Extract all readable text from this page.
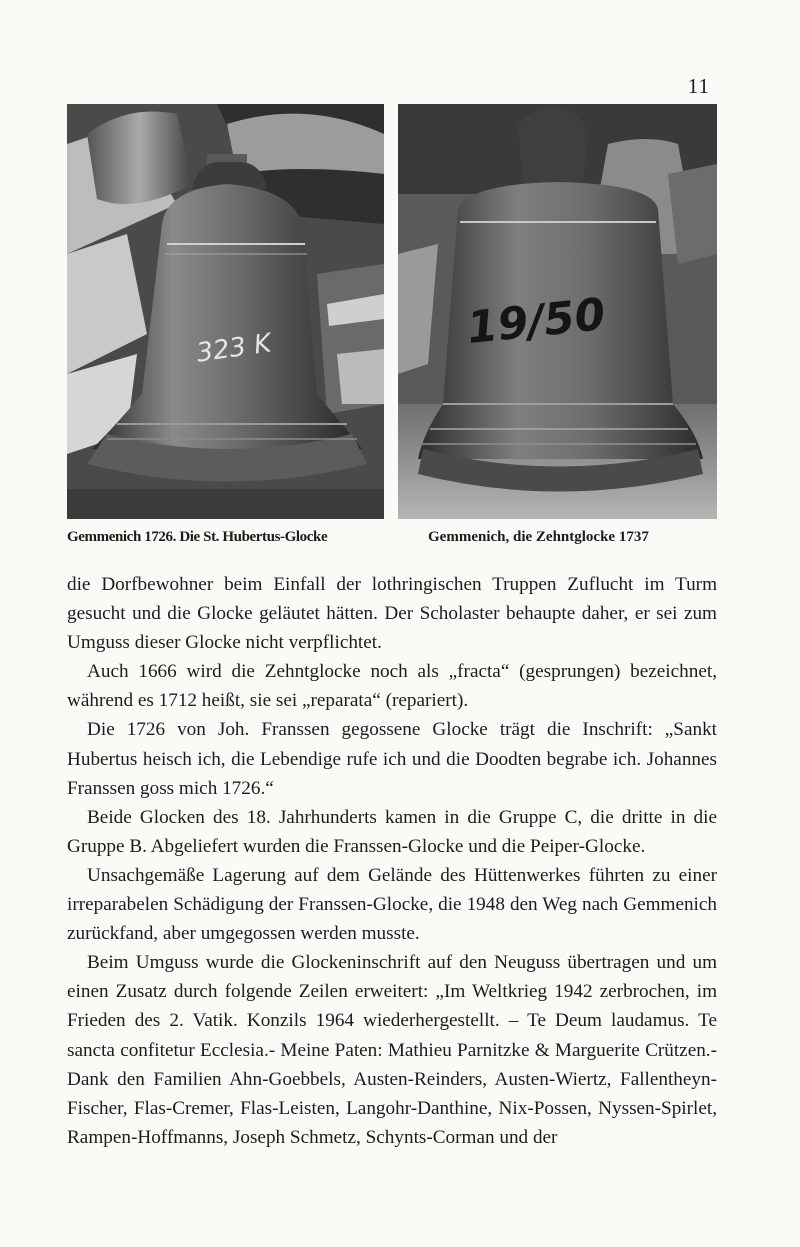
11
323 K	19/50
Gemmenich 1726. Die St. Hubertus-Glocke	Gemmenich, die Zehntglocke 1737

die Dorfbewohner beim Einfall der lothringischen Truppen Zuflucht im Turm gesucht und die Glocke geläutet hätten. Der Scholaster behaupte daher, er sei zum Umguss dieser Glocke nicht verpflichtet.

Auch 1666 wird die Zehntglocke noch als „fracta“ (gesprungen) bezeichnet, während es 1712 heißt, sie sei „reparata“ (repariert).

Die 1726 von Joh. Franssen gegossene Glocke trägt die Inschrift: „Sankt Hubertus heisch ich, die Lebendige rufe ich und die Doodten begrabe ich. Johannes Franssen goss mich 1726.“

Beide Glocken des 18. Jahrhunderts kamen in die Gruppe C, die dritte in die Gruppe B. Abgeliefert wurden die Franssen-Glocke und die Peiper-Glocke.

Unsachgemäße Lagerung auf dem Gelände des Hüttenwerkes führten zu einer irreparabelen Schädigung der Franssen-Glocke, die 1948 den Weg nach Gemmenich zurückfand, aber umgegossen werden musste.

Beim Umguss wurde die Glockeninschrift auf den Neuguss übertragen und um einen Zusatz durch folgende Zeilen erweitert: „Im Weltkrieg 1942 zerbrochen, im Frieden des 2. Vatik. Konzils 1964 wiederhergestellt. – Te Deum laudamus. Te sancta confitetur Ecclesia.- Meine Paten: Mathieu Parnitzke & Marguerite Crützen.- Dank den Familien Ahn-Goebbels, Austen-Reinders, Austen-Wiertz, Fallentheyn-Fischer, Flas-Cremer, Flas-Leisten, Langohr-Danthine, Nix-Possen, Nyssen-Spirlet, Rampen-Hoffmanns, Joseph Schmetz, Schynts-Corman und der
